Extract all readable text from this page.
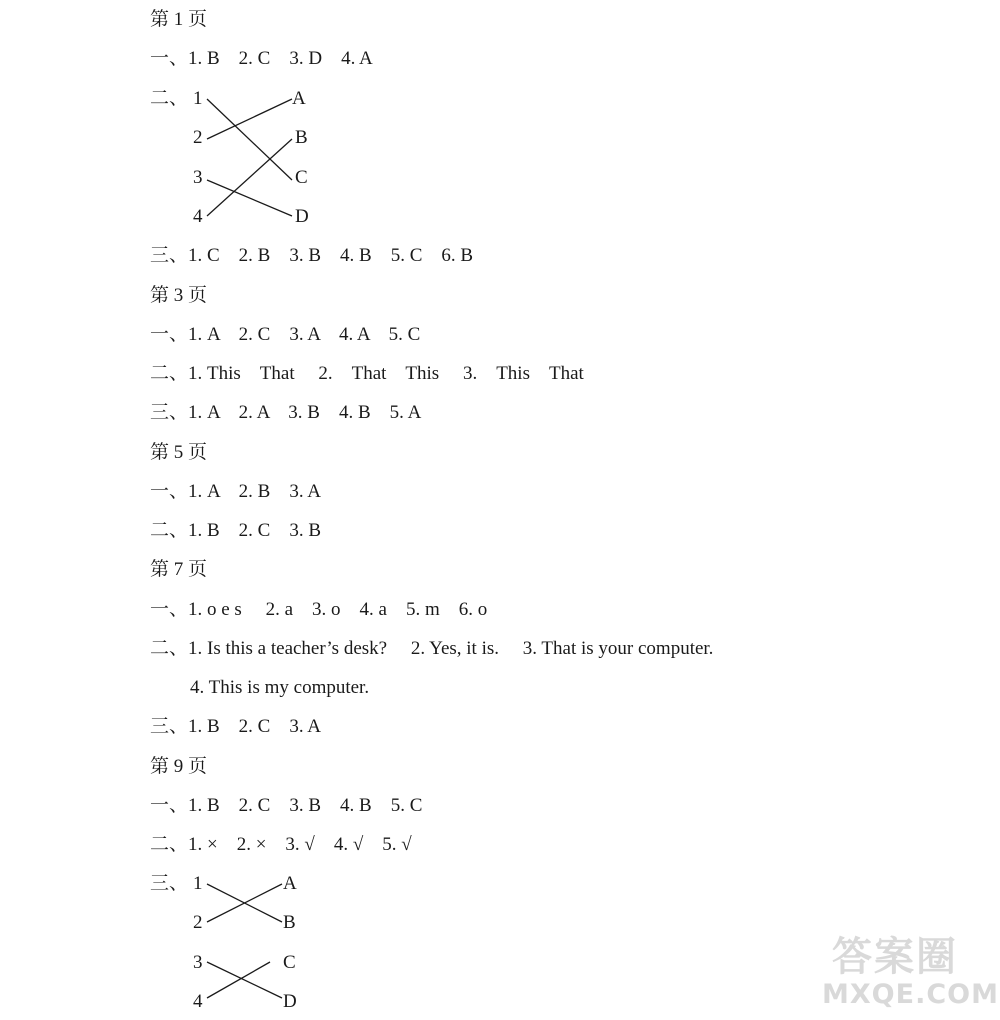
第 1 页
一、1. B　2. C　3. D　4. A
二、 1
2
3
4
A
B
C
D
三、1. C　2. B　3. B　4. B　5. C　6. B
第 3 页
一、1. A　2. C　3. A　4. A　5. C
二、1. This　That　 2.　That　This　 3.　This　That
三、1. A　2. A　3. B　4. B　5. A
第 5 页
一、1. A　2. B　3. A
二、1. B　2. C　3. B
第 7 页
一、1. o e s　 2. a　3. o　4. a　5. m　6. o
二、1. Is this a teacher’s desk?　 2. Yes, it is.　 3. That is your computer.
4. This is my computer.
三、1. B　2. C　3. A
第 9 页
一、1. B　2. C　3. B　4. B　5. C
二、1. ×　2. ×　3. √　4. √　5. √
三、 1
2
3
4
A
B
C
D
答案圈
MXQE.COM
